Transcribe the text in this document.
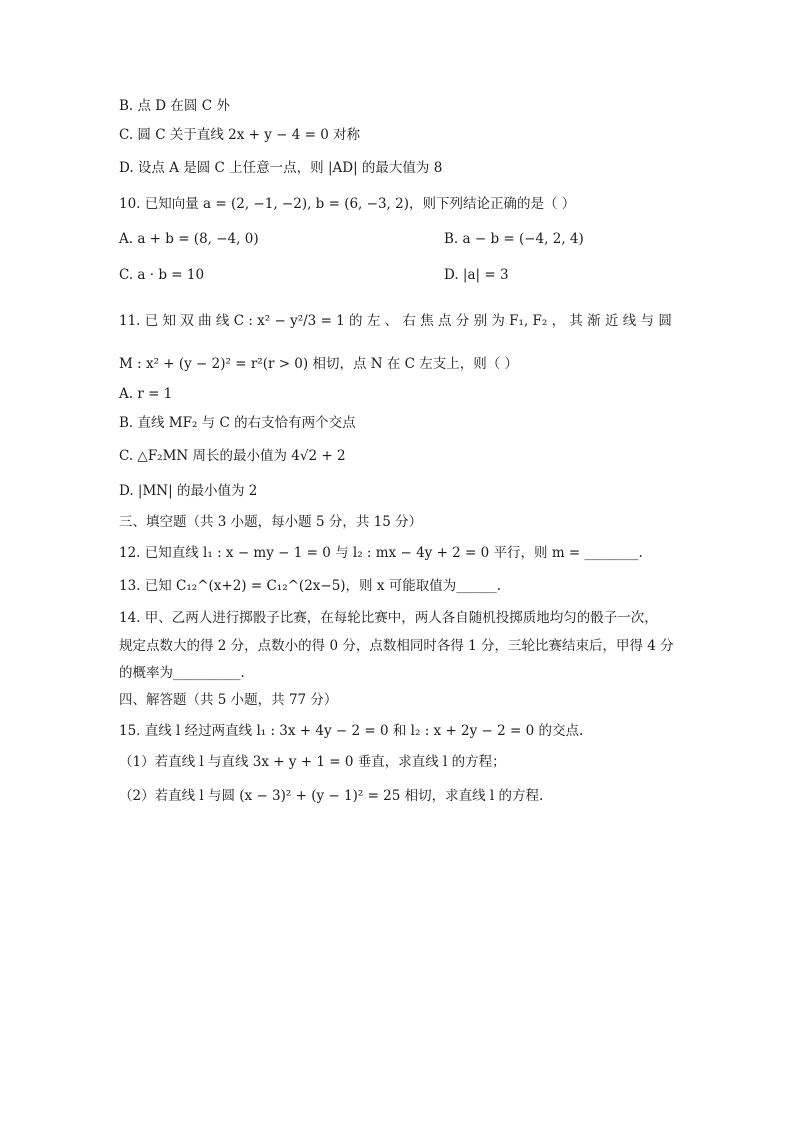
B. 点 D 在圆 C 外
C. 圆 C 关于直线 2x + y − 4 = 0 对称
D. 设点 A 是圆 C 上任意一点，则 |AD| 的最大值为 8
10. 已知向量 a = (2, −1, −2), b = (6, −3, 2)，则下列结论正确的是（ ）
A. a + b = (8, −4, 0)	B. a − b = (−4, 2, 4)
C. a · b = 10	D. |a| = 3
11. 已 知 双 曲 线 C : x² − y²/3 = 1 的 左 、 右 焦 点 分 别 为 F₁, F₂ ， 其 渐 近 线 与 圆
M : x² + (y − 2)² = r²(r > 0) 相切，点 N 在 C 左支上，则（ ）
A. r = 1
B. 直线 MF₂ 与 C 的右支恰有两个交点
C. △F₂MN 周长的最小值为 4√2 + 2
D. |MN| 的最小值为 2
三、填空题（共 3 小题，每小题 5 分，共 15 分）
12. 已知直线 l₁ : x − my − 1 = 0 与 l₂ : mx − 4y + 2 = 0 平行，则 m = ________.
13. 已知 C₁₂^(x+2) = C₁₂^(2x−5)，则 x 可能取值为______.
14. 甲、乙两人进行掷骰子比赛，在每轮比赛中，两人各自随机投掷质地均匀的骰子一次，
规定点数大的得 2 分，点数小的得 0 分，点数相同时各得 1 分，三轮比赛结束后，甲得 4 分
的概率为__________.
四、解答题（共 5 小题，共 77 分）
15. 直线 l 经过两直线 l₁ : 3x + 4y − 2 = 0 和 l₂ : x + 2y − 2 = 0 的交点.
（1）若直线 l 与直线 3x + y + 1 = 0 垂直，求直线 l 的方程；
（2）若直线 l 与圆 (x − 3)² + (y − 1)² = 25 相切，求直线 l 的方程.
